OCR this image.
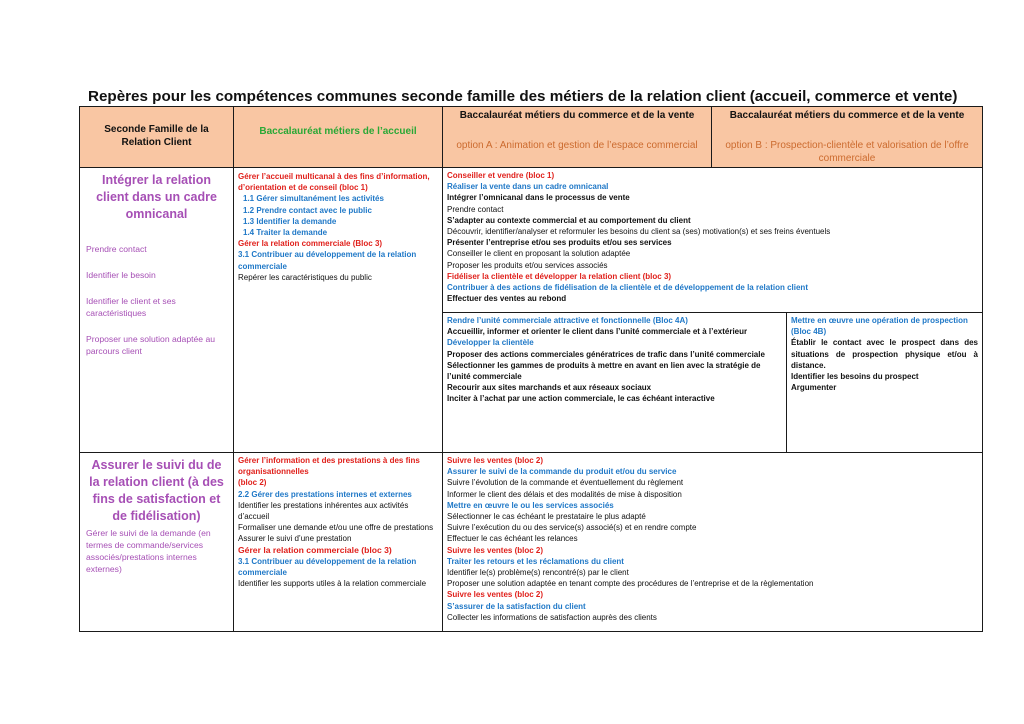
Repères pour les compétences communes seconde famille des métiers de la relation client (accueil, commerce et vente)
Seconde Famille de la Relation Client
Baccalauréat métiers de l’accueil
Baccalauréat métiers du commerce et de la vente
option A : Animation et gestion de l’espace commercial
Baccalauréat métiers du commerce et de la vente
option B : Prospection-clientèle et valorisation de l’offre commerciale

Intégrer la relation client dans un cadre omnicanal

Prendre contact

Identifier le besoin

Identifier le client et ses caractéristiques

Proposer une solution adaptée au parcours client

Gérer l’accueil multicanal à des fins d’information, d’orientation et de conseil (bloc 1)

1.1 Gérer simultanément les activités

1.2 Prendre contact avec le public

1.3 Identifier la demande

1.4 Traiter la demande

Gérer la relation commerciale (Bloc 3)

3.1 Contribuer au développement de la relation commerciale

Repérer les caractéristiques du public

Conseiller et vendre (bloc 1)

Réaliser la vente dans un cadre omnicanal

Intégrer l’omnicanal dans le processus de vente

Prendre contact

S’adapter au contexte commercial et au comportement du client

Découvrir, identifier/analyser et reformuler les besoins du client sa (ses) motivation(s) et ses freins éventuels

Présenter l’entreprise et/ou ses produits et/ou ses services

Conseiller le client en proposant la solution adaptée

Proposer les produits et/ou services associés

Fidéliser la clientèle et développer la relation client (bloc 3)

Contribuer à des actions de fidélisation de la clientèle et de développement de la relation client

Effectuer des ventes au rebond

Rendre l’unité commerciale attractive et fonctionnelle (Bloc 4A)

Accueillir, informer et orienter le client dans l’unité commerciale et à l’extérieur

Développer la clientèle

Proposer des actions commerciales génératrices de trafic dans l’unité commerciale

Sélectionner les gammes de produits à mettre en avant en lien avec la stratégie de l’unité commerciale

Recourir aux sites marchands et aux réseaux sociaux

Inciter à l’achat par une action commerciale, le cas échéant interactive

Mettre en œuvre une opération de prospection (Bloc 4B)

Établir le contact avec le prospect dans des situations de prospection physique et/ou à distance.

Identifier les besoins du prospect

Argumenter

Assurer le suivi du de la relation client (à des fins de satisfaction et de fidélisation)

Gérer le suivi de la demande (en termes de commande/services associés/prestations internes externes)

Gérer l’information et des prestations à des fins organisationnelles

(bloc 2)

2.2 Gérer des prestations internes et externes

Identifier les prestations inhérentes aux activités d’accueil

Formaliser une demande et/ou une offre de prestations

Assurer le suivi d’une prestation

Gérer la relation commerciale (bloc 3)

3.1 Contribuer au développement de la relation commerciale

Identifier les supports utiles à la relation commerciale

Suivre les ventes (bloc 2)

Assurer le suivi de la commande du produit et/ou du service

Suivre l’évolution de la commande et éventuellement du règlement

Informer le client des délais et des modalités de mise à disposition

Mettre en œuvre le ou les services associés

Sélectionner le cas échéant le prestataire le plus adapté

Suivre l’exécution du ou des service(s) associé(s) et en rendre compte

Effectuer le cas échéant les relances

Suivre les ventes (bloc 2)

Traiter les retours et les réclamations du client

Identifier le(s) problème(s) rencontré(s) par le client

Proposer une solution adaptée en tenant compte des procédures de l’entreprise et de la règlementation

Suivre les ventes (bloc 2)

S’assurer de la satisfaction du client

Collecter les informations de satisfaction auprès des clients
